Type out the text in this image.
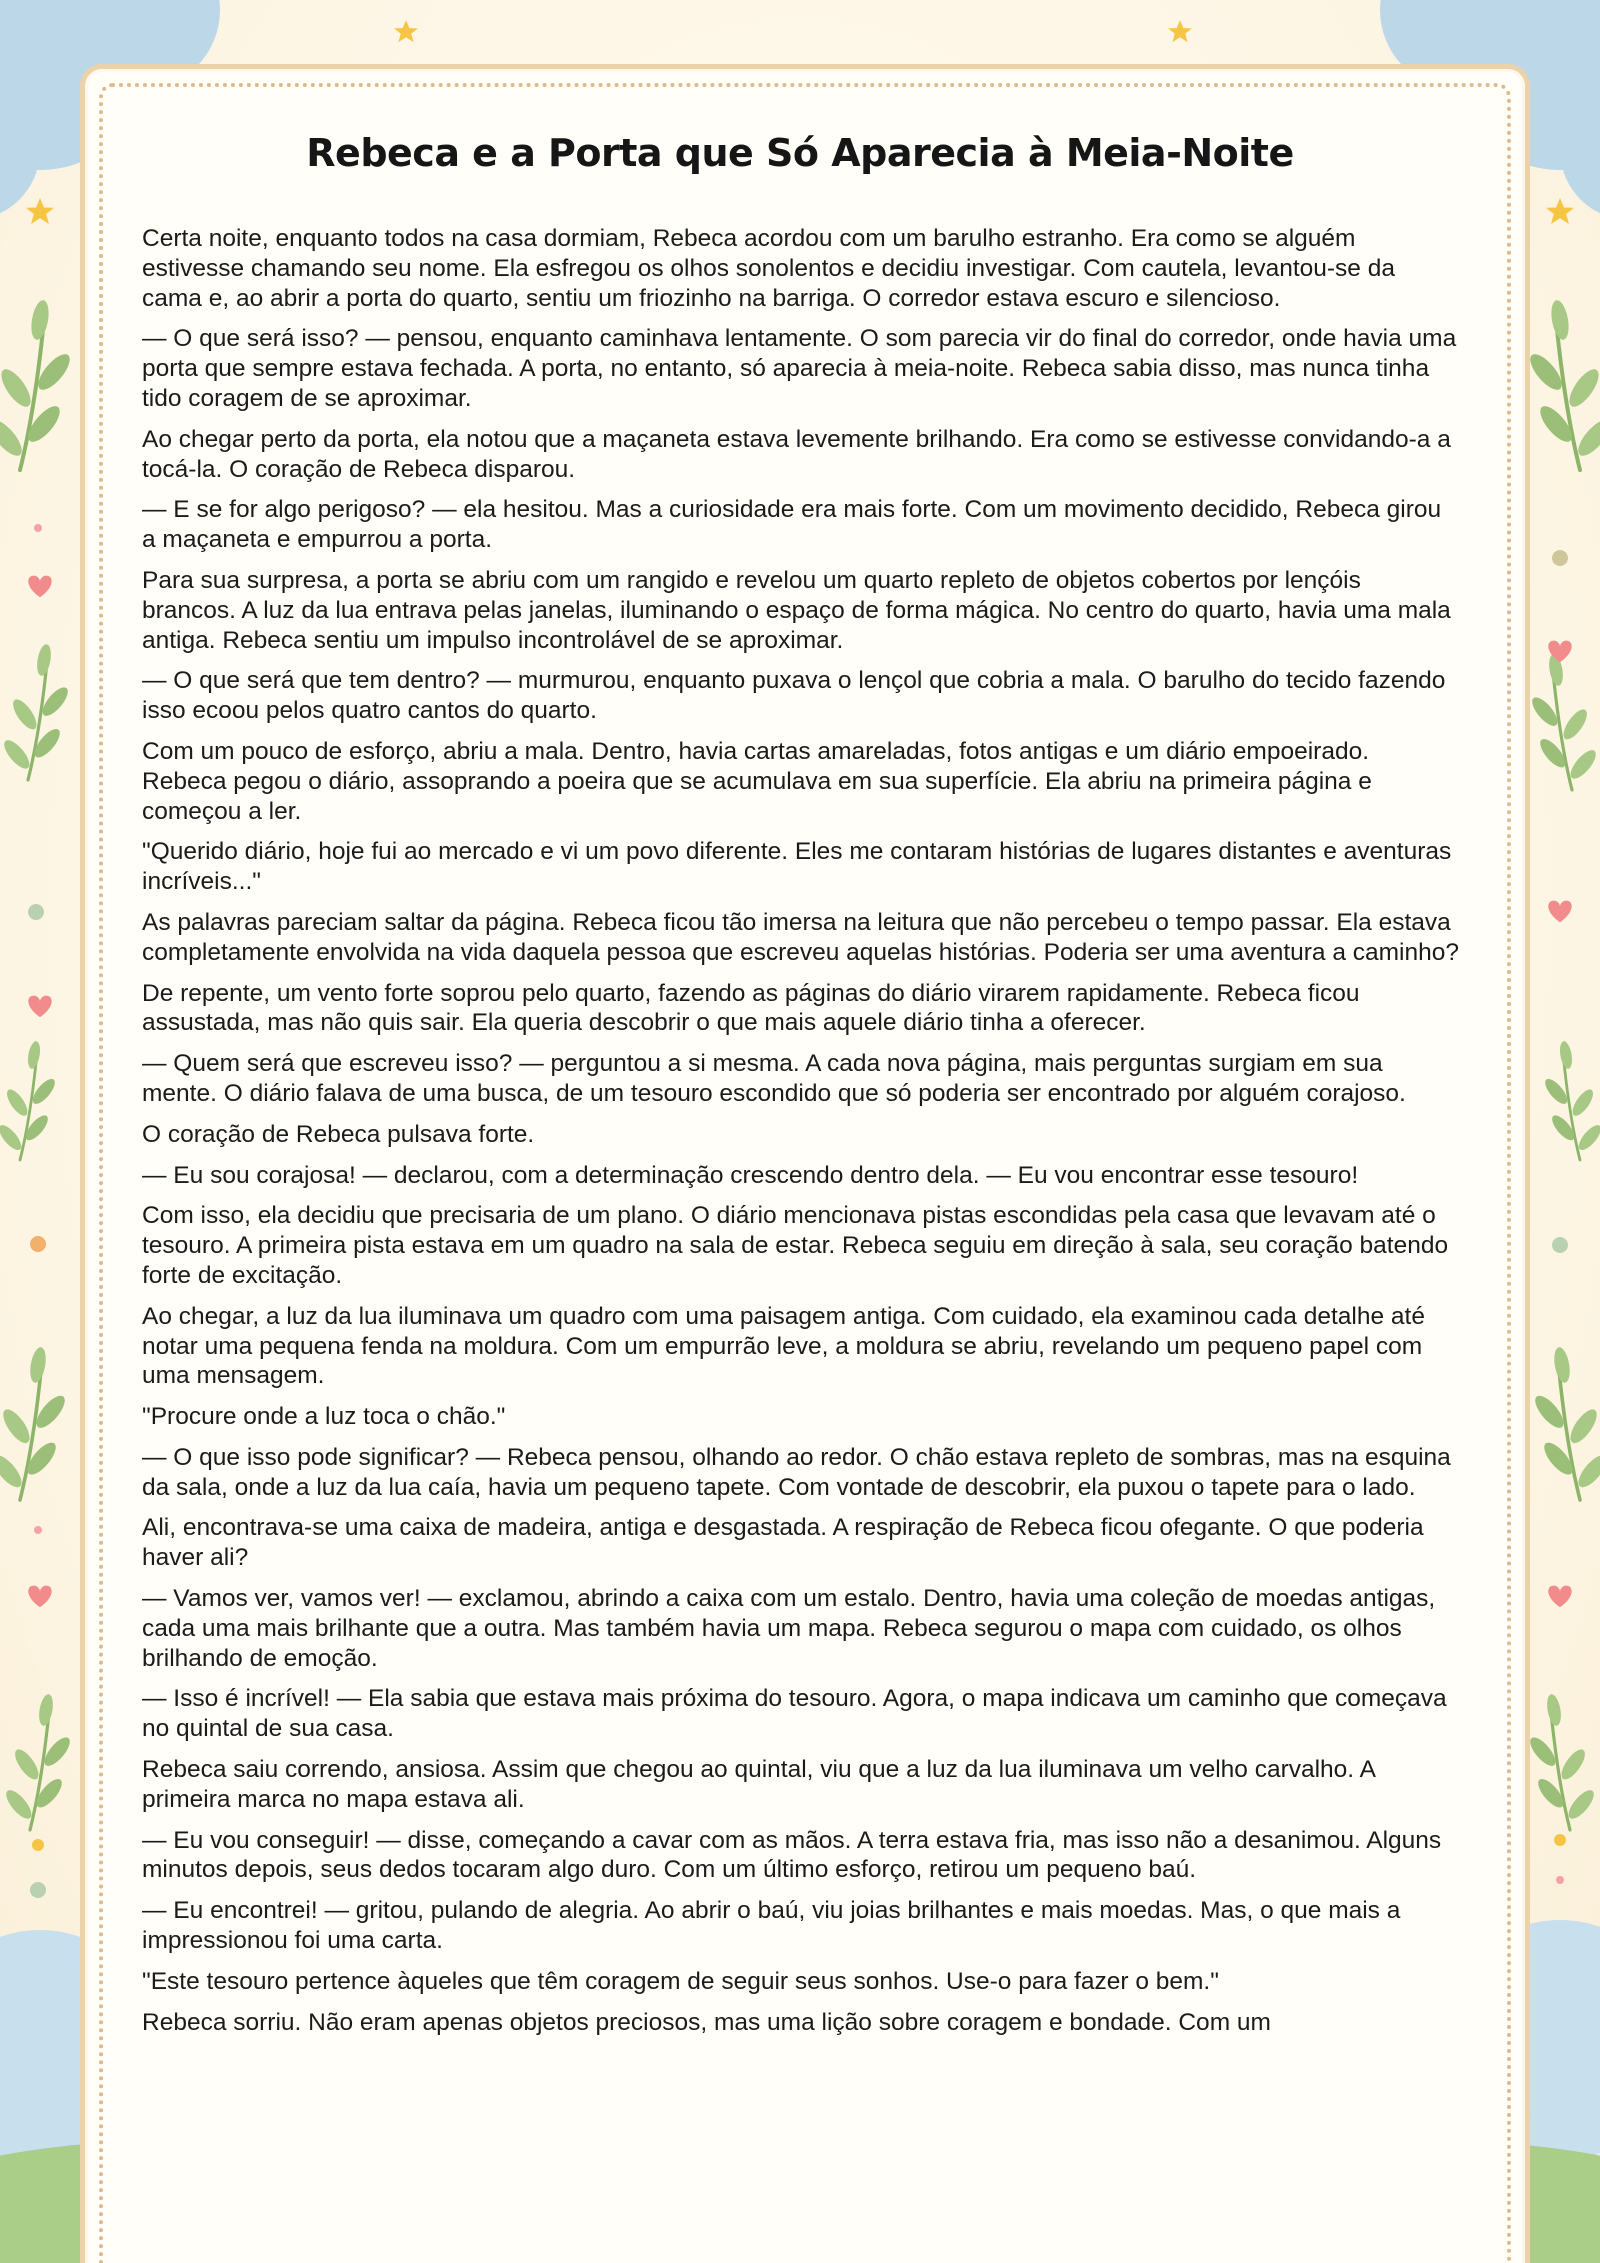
Rebeca e a Porta que Só Aparecia à Meia-Noite

Certa noite, enquanto todos na casa dormiam, Rebeca acordou com um barulho estranho. Era como se alguém estivesse chamando seu nome. Ela esfregou os olhos sonolentos e decidiu investigar. Com cautela, levantou-se da cama e, ao abrir a porta do quarto, sentiu um friozinho na barriga. O corredor estava escuro e silencioso.

— O que será isso? — pensou, enquanto caminhava lentamente. O som parecia vir do final do corredor, onde havia uma porta que sempre estava fechada. A porta, no entanto, só aparecia à meia-noite. Rebeca sabia disso, mas nunca tinha tido coragem de se aproximar.

Ao chegar perto da porta, ela notou que a maçaneta estava levemente brilhando. Era como se estivesse convidando-a a tocá-la. O coração de Rebeca disparou.

— E se for algo perigoso? — ela hesitou. Mas a curiosidade era mais forte. Com um movimento decidido, Rebeca girou a maçaneta e empurrou a porta.

Para sua surpresa, a porta se abriu com um rangido e revelou um quarto repleto de objetos cobertos por lençóis brancos. A luz da lua entrava pelas janelas, iluminando o espaço de forma mágica. No centro do quarto, havia uma mala antiga. Rebeca sentiu um impulso incontrolável de se aproximar.

— O que será que tem dentro? — murmurou, enquanto puxava o lençol que cobria a mala. O barulho do tecido fazendo isso ecoou pelos quatro cantos do quarto.

Com um pouco de esforço, abriu a mala. Dentro, havia cartas amareladas, fotos antigas e um diário empoeirado. Rebeca pegou o diário, assoprando a poeira que se acumulava em sua superfície. Ela abriu na primeira página e começou a ler.

"Querido diário, hoje fui ao mercado e vi um povo diferente. Eles me contaram histórias de lugares distantes e aventuras incríveis..."

As palavras pareciam saltar da página. Rebeca ficou tão imersa na leitura que não percebeu o tempo passar. Ela estava completamente envolvida na vida daquela pessoa que escreveu aquelas histórias. Poderia ser uma aventura a caminho?

De repente, um vento forte soprou pelo quarto, fazendo as páginas do diário virarem rapidamente. Rebeca ficou assustada, mas não quis sair. Ela queria descobrir o que mais aquele diário tinha a oferecer.

— Quem será que escreveu isso? — perguntou a si mesma. A cada nova página, mais perguntas surgiam em sua mente. O diário falava de uma busca, de um tesouro escondido que só poderia ser encontrado por alguém corajoso.

O coração de Rebeca pulsava forte.

— Eu sou corajosa! — declarou, com a determinação crescendo dentro dela. — Eu vou encontrar esse tesouro!

Com isso, ela decidiu que precisaria de um plano. O diário mencionava pistas escondidas pela casa que levavam até o tesouro. A primeira pista estava em um quadro na sala de estar. Rebeca seguiu em direção à sala, seu coração batendo forte de excitação.

Ao chegar, a luz da lua iluminava um quadro com uma paisagem antiga. Com cuidado, ela examinou cada detalhe até notar uma pequena fenda na moldura. Com um empurrão leve, a moldura se abriu, revelando um pequeno papel com uma mensagem.

"Procure onde a luz toca o chão."

— O que isso pode significar? — Rebeca pensou, olhando ao redor. O chão estava repleto de sombras, mas na esquina da sala, onde a luz da lua caía, havia um pequeno tapete. Com vontade de descobrir, ela puxou o tapete para o lado.

Ali, encontrava-se uma caixa de madeira, antiga e desgastada. A respiração de Rebeca ficou ofegante. O que poderia haver ali?

— Vamos ver, vamos ver! — exclamou, abrindo a caixa com um estalo. Dentro, havia uma coleção de moedas antigas, cada uma mais brilhante que a outra. Mas também havia um mapa. Rebeca segurou o mapa com cuidado, os olhos brilhando de emoção.

— Isso é incrível! — Ela sabia que estava mais próxima do tesouro. Agora, o mapa indicava um caminho que começava no quintal de sua casa.

Rebeca saiu correndo, ansiosa. Assim que chegou ao quintal, viu que a luz da lua iluminava um velho carvalho. A primeira marca no mapa estava ali.

— Eu vou conseguir! — disse, começando a cavar com as mãos. A terra estava fria, mas isso não a desanimou. Alguns minutos depois, seus dedos tocaram algo duro. Com um último esforço, retirou um pequeno baú.

— Eu encontrei! — gritou, pulando de alegria. Ao abrir o baú, viu joias brilhantes e mais moedas. Mas, o que mais a impressionou foi uma carta.

"Este tesouro pertence àqueles que têm coragem de seguir seus sonhos. Use-o para fazer o bem."

Rebeca sorriu. Não eram apenas objetos preciosos, mas uma lição sobre coragem e bondade. Com um
